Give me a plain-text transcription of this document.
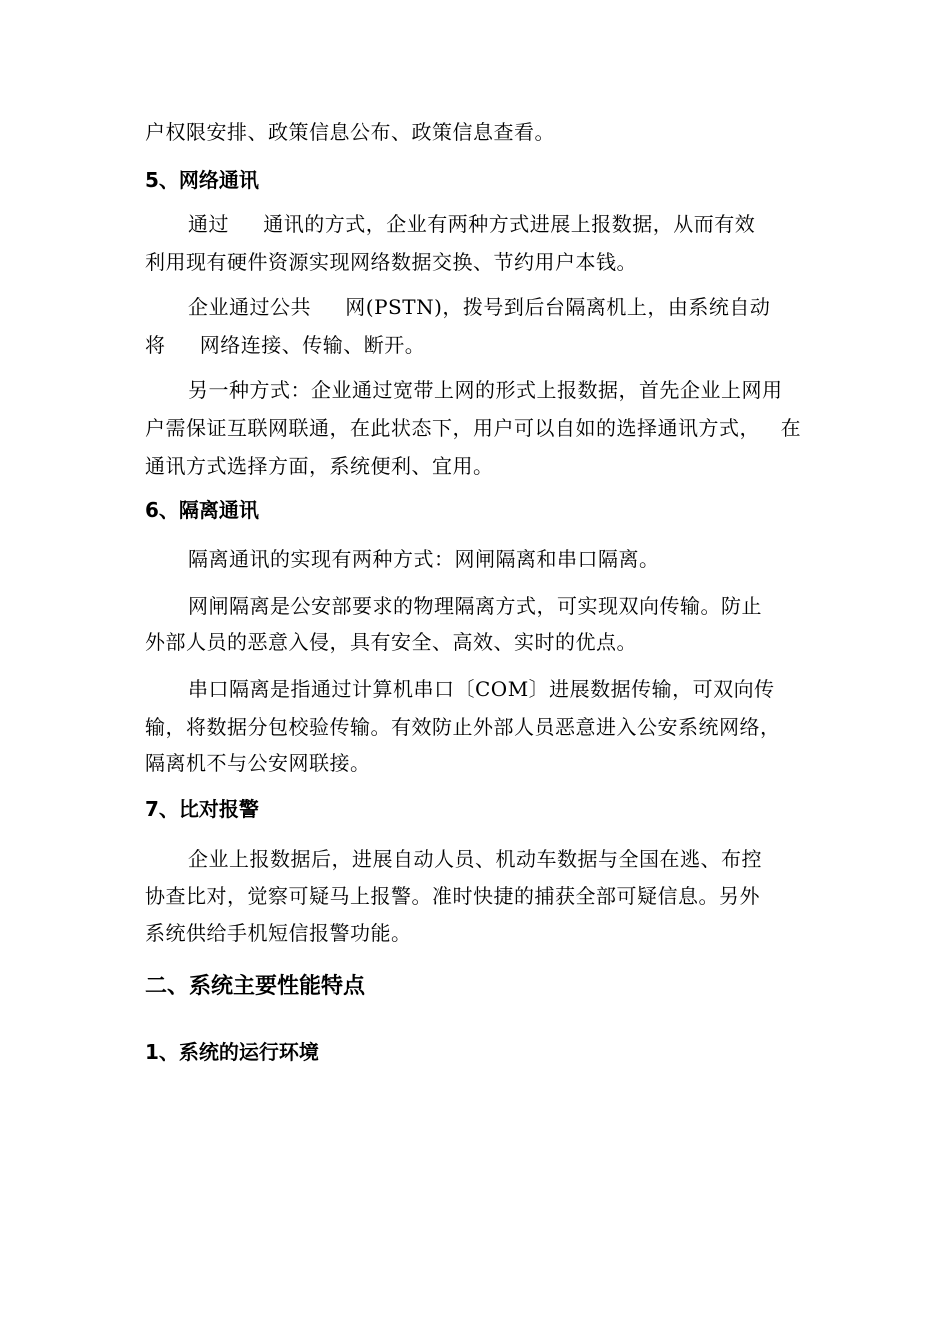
户权限安排、政策信息公布、政策信息查看。
5、网络通讯
通过     通讯的方式，企业有两种方式进展上报数据，从而有效
利用现有硬件资源实现网络数据交换、节约用户本钱。
企业通过公共     网(PSTN)，拨号到后台隔离机上，由系统自动
将     网络连接、传输、断开。
另一种方式：企业通过宽带上网的形式上报数据，首先企业上网用
户需保证互联网联通，在此状态下，用户可以自如的选择通讯方式，   在
通讯方式选择方面，系统便利、宜用。
6、隔离通讯
隔离通讯的实现有两种方式：网闸隔离和串口隔离。
网闸隔离是公安部要求的物理隔离方式，可实现双向传输。防止
外部人员的恶意入侵，具有安全、高效、实时的优点。
串口隔离是指通过计算机串口〔COM〕进展数据传输，可双向传
输，将数据分包校验传输。有效防止外部人员恶意进入公安系统网络，
隔离机不与公安网联接。
7、比对报警
企业上报数据后，进展自动人员、机动车数据与全国在逃、布控
协查比对，觉察可疑马上报警。准时快捷的捕获全部可疑信息。另外
系统供给手机短信报警功能。
二、系统主要性能特点
1、系统的运行环境
